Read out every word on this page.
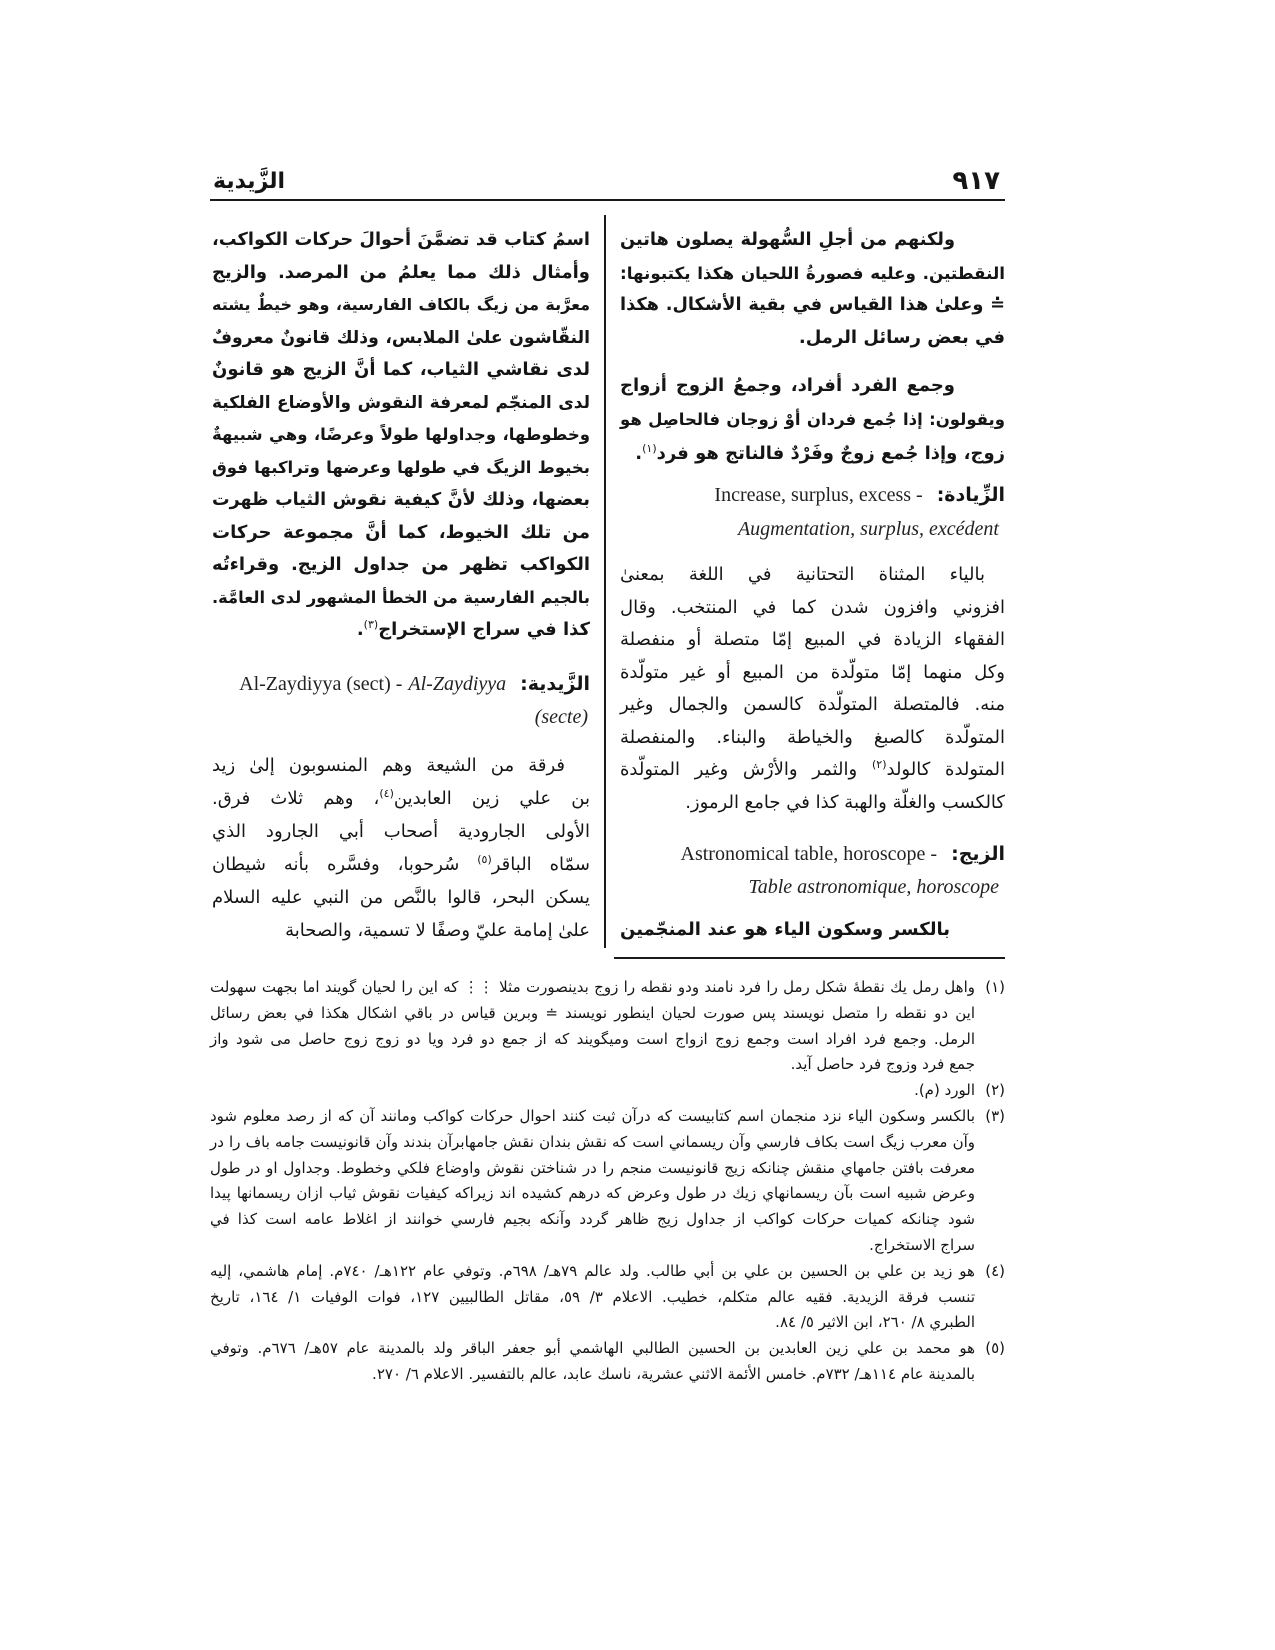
٩١٧
الزَّيدية
ولكنهم من أجلِ السُّهولة يصلون هاتين
النقطتين. وعليه فصورةُ اللحيان هكذا يكتبونها:
≐ وعلىٰ هذا القياس في بقية الأشكال. هكذا
في بعض رسائل الرمل.
وجمع الفرد أفراد، وجمعُ الزوج أزواج
ويقولون: إذا جُمع فردان أوْ زوجان فالحاصِل هو
زوج، وإذا جُمع زوجٌ وفَرْدٌ فالناتج هو فرد$^{(١)}$.
الزِّيادة:
Increase, surplus, excess -
Augmentation, surplus, excédent
بالياء المثناة التحتانية في اللغة بمعنىٰ
افزوني وافزون شدن كما في المنتخب. وقال
الفقهاء الزيادة في المبيع إمّا متصلة أو منفصلة
وكل منهما إمّا متولّدة من المبيع أو غير متولّدة
منه. فالمتصلة المتولّدة كالسمن والجمال وغير
المتولّدة كالصبغ والخياطة والبناء. والمنفصلة
المتولدة كالولد$^{(٢)}$ والثمر والأرْش وغير المتولّدة
كالكسب والغلّة والهبة كذا في جامع الرموز.
الزيج:
Astronomical table, horoscope -
Table astronomique, horoscope
بالكسر وسكون الياء هو عند المنجّمين
اسمُ كتاب قد تضمَّنَ أحوالَ حركات الكواكب،
وأمثال ذلك مما يعلمُ من المرصد. والزيج
معرَّبة من زيگ بالكاف الفارسية، وهو خيطٌ يشته
النقّاشون علىٰ الملابس، وذلك قانونٌ معروفٌ
لدى نقاشي الثياب، كما أنَّ الزيج هو قانونٌ
لدى المنجّم لمعرفة النقوش والأوضاع الفلكية
وخطوطها، وجداولها طولاً وعرضًا، وهي شبيهةٌ
بخيوط الزيگ في طولها وعرضها وتراكبها فوق
بعضها، وذلك لأنَّ كيفية نقوش الثياب ظهرت
من تلك الخيوط، كما أنَّ مجموعة حركات
الكواكب تظهر من جداول الزيج. وقراءتُه
بالجيم الفارسية من الخطأ المشهور لدى العامَّة.
كذا في سراج الإستخراج$^{(٣)}$.
الزَّيدية:
Al-Zaydiyya (sect) - Al-Zaydiyya
(secte)
فرقة من الشيعة وهم المنسوبون إلىٰ زيد
بن علي زين العابدين$^{(٤)}$، وهم ثلاث فرق.
الأولى الجارودية أصحاب أبي الجارود الذي
سمّاه الباقر$^{(٥)}$ سُرحوبا، وفسَّره بأنه شيطان
يسكن البحر، قالوا بالنَّص من النبي عليه السلام
علىٰ إمامة عليّ وصفًا لا تسمية، والصحابة
(١)
واهل رمل يك نقطهٔ شكل رمل را فرد نامند ودو نقطه را زوج بدينصورت مثلا ⋮⋮ كه اين را لحيان گويند اما بجهت سهولت
اين دو نقطه را متصل نويسند پس صورت لحيان اينطور نويسند ≐ وبرين قياس در باقي اشكال هكذا في بعض رسائل
الرمل. وجمع فرد افراد است وجمع زوج ازواج است وميگويند كه از جمع دو فرد ويا دو زوج زوج حاصل مى شود واز
جمع فرد وزوج فرد حاصل آيد.
(٢)
الورد (م).
(٣)
بالكسر وسكون الياء نزد منجمان اسم كتابيست كه درآن ثبت كنند احوال حركات كواكب ومانند آن كه از رصد معلوم شود
وآن معرب زيگ است بكاف فارسي وآن ريسماني است كه نقش بندان نقش جامهابرآن بندند وآن قانونيست جامه باف را در
معرفت بافتن جامهاي منقش چنانكه زيج قانونيست منجم را در شناختن نقوش واوضاع فلكي وخطوط. وجداول او در طول
وعرض شبيه است بآن ريسمانهاي زيك در طول وعرض كه درهم كشيده اند زيراكه كيفيات نقوش ثياب ازان ريسمانها پيدا
شود چنانكه كميات حركات كواكب از جداول زيج ظاهر گردد وآنكه بجيم فارسي خوانند از اغلاط عامه است كذا في
سراج الاستخراج.
(٤)
هو زيد بن علي بن الحسين بن علي بن أبي طالب. ولد عالم ٧٩هـ/ ٦٩٨م. وتوفي عام ١٢٢هـ/ ٧٤٠م. إمام هاشمي، إليه
تنسب فرقة الزيدية. فقيه عالم متكلم، خطيب. الاعلام ٣/ ٥٩، مقاتل الطالبيين ١٢٧، فوات الوفيات ١/ ١٦٤، تاريخ
الطبري ٨/ ٢٦٠، ابن الاثير ٥/ ٨٤.
(٥)
هو محمد بن علي زين العابدين بن الحسين الطالبي الهاشمي أبو جعفر الباقر ولد بالمدينة عام ٥٧هـ/ ٦٧٦م. وتوفي
بالمدينة عام ١١٤هـ/ ٧٣٢م. خامس الأئمة الاثني عشرية، ناسك عابد، عالم بالتفسير. الاعلام ٦/ ٢٧٠.
